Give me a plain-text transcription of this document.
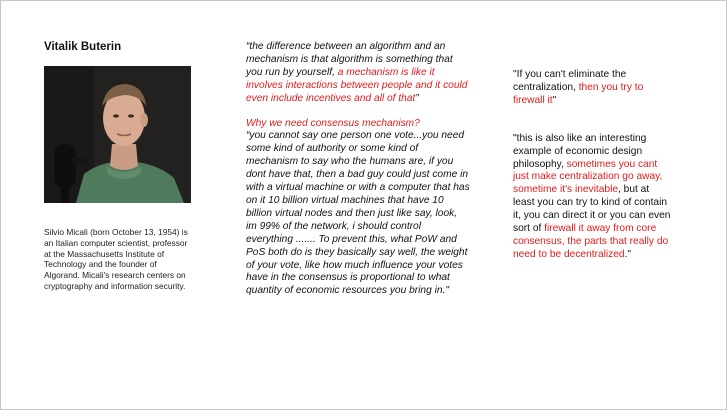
Vitalik Buterin
Silvio Micali (born October 13, 1954) is an Italian computer scientist, professor at the Massachusetts Institute of Technology and the founder of Algorand. Micali's research centers on cryptography and information security.

“the difference between an algorithm and an mechanism is that algorithm is something that you run by yourself, a mechanism is like it involves interactions between people and it could even include incentives and all of that”

Why we need consensus mechanism?

“you cannot say one person one vote...you need some kind of authority or some kind of mechanism to say who the humans are, if you dont have that, then a bad guy could just come in with a virtual machine or with a computer that has on it 10 billion virtual machines that have 10 billion virtual nodes and then just like say, look, im 99% of the network, i should control everything ....... To prevent this, what PoW and PoS both do is they basically say well, the weight of your vote, like how much influence your votes have in the consensus is proportional to what quantity of economic resources you bring in."

"If you can't eliminate the centralization, then you try to firewall it"

"this is also like an interesting example of economic design philosophy, sometimes you cant just make centralization go away, sometime it's inevitable, but at least you can try to kind of contain it, you can direct it or you can even sort of firewall it away from core consensus, the parts that really do need to be decentralized."
